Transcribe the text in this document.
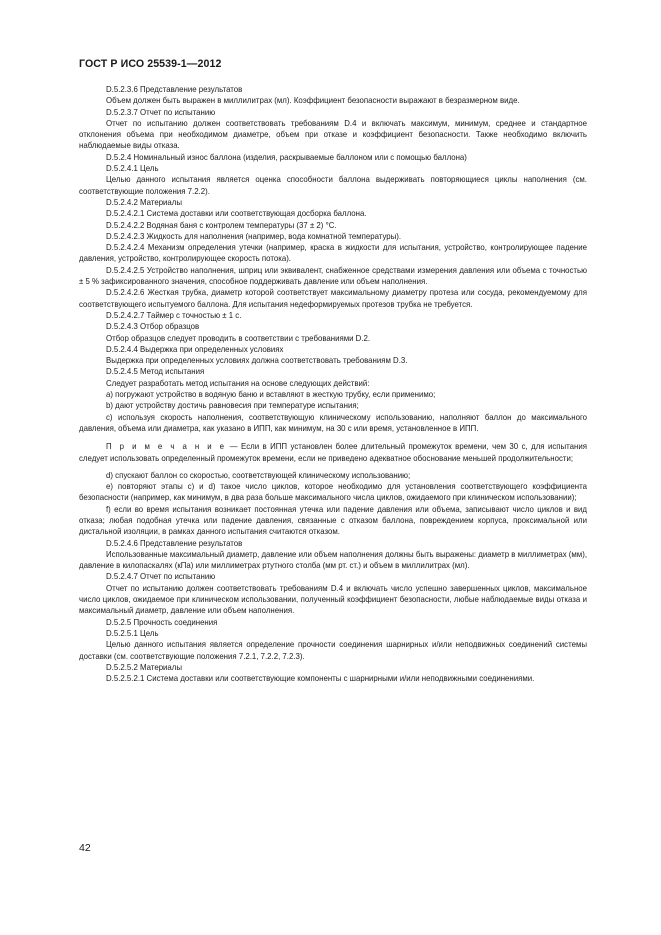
ГОСТ Р ИСО 25539-1—2012

D.5.2.3.6 Представление результатов

Объем должен быть выражен в миллилитрах (мл). Коэффициент безопасности выражают в безразмерном виде.

D.5.2.3.7 Отчет по испытанию

Отчет по испытанию должен соответствовать требованиям D.4 и включать максимум, минимум, среднее и стандартное отклонения объема при необходимом диаметре, объем при отказе и коэффициент безопасности. Также необходимо включить наблюдаемые виды отказа.

D.5.2.4 Номинальный износ баллона (изделия, раскрываемые баллоном или с помощью баллона)

D.5.2.4.1 Цель

Целью данного испытания является оценка способности баллона выдерживать повторяющиеся циклы наполнения (см. соответствующие положения 7.2.2).

D.5.2.4.2 Материалы

D.5.2.4.2.1 Система доставки или соответствующая досборка баллона.

D.5.2.4.2.2 Водяная баня с контролем температуры (37 ± 2) °С.

D.5.2.4.2.3 Жидкость для наполнения (например, вода комнатной температуры).

D.5.2.4.2.4 Механизм определения утечки (например, краска в жидкости для испытания, устройство, контролирующее падение давления, устройство, контролирующее скорость потока).

D.5.2.4.2.5 Устройство наполнения, шприц или эквивалент, снабженное средствами измерения давления или объема с точностью ± 5 % зафиксированного значения, способное поддерживать давление или объем наполнения.

D.5.2.4.2.6 Жесткая трубка, диаметр которой соответствует максимальному диаметру протеза или сосуда, рекомендуемому для соответствующего испытуемого баллона. Для испытания недеформируемых протезов трубка не требуется.

D.5.2.4.2.7 Таймер с точностью ± 1 с.

D.5.2.4.3 Отбор образцов

Отбор образцов следует проводить в соответствии с требованиями D.2.

D.5.2.4.4 Выдержка при определенных условиях

Выдержка при определенных условиях должна соответствовать требованиям D.3.

D.5.2.4.5 Метод испытания

Следует разработать метод испытания на основе следующих действий:

a) погружают устройство в водяную баню и вставляют в жесткую трубку, если применимо;

b) дают устройству достичь равновесия при температуре испытания;

c) используя скорость наполнения, соответствующую клиническому использованию, наполняют баллон до максимального давления, объема или диаметра, как указано в ИПП, как минимум, на 30 с или время, установленное в ИПП.

П р и м е ч а н и е — Если в ИПП установлен более длительный промежуток времени, чем 30 с, для испытания следует использовать определенный промежуток времени, если не приведено адекватное обоснование меньшей продолжительности;

d) спускают баллон со скоростью, соответствующей клиническому использованию;

e) повторяют этапы с) и d) такое число циклов, которое необходимо для установления соответствующего коэффициента безопасности (например, как минимум, в два раза больше максимального числа циклов, ожидаемого при клиническом использовании);

f) если во время испытания возникает постоянная утечка или падение давления или объема, записывают число циклов и вид отказа; любая подобная утечка или падение давления, связанные с отказом баллона, повреждением корпуса, проксимальной или дистальной изоляции, в рамках данного испытания считаются отказом.

D.5.2.4.6 Представление результатов

Использованные максимальный диаметр, давление или объем наполнения должны быть выражены: диаметр в миллиметрах (мм), давление в килопаскалях (кПа) или миллиметрах ртутного столба (мм рт. ст.) и объем в миллилитрах (мл).

D.5.2.4.7 Отчет по испытанию

Отчет по испытанию должен соответствовать требованиям D.4 и включать число успешно завершенных циклов, максимальное число циклов, ожидаемое при клиническом использовании, полученный коэффициент безопасности, любые наблюдаемые виды отказа и максимальный диаметр, давление или объем наполнения.

D.5.2.5 Прочность соединения

D.5.2.5.1 Цель

Целью данного испытания является определение прочности соединения шарнирных и/или неподвижных соединений системы доставки (см. соответствующие положения 7.2.1, 7.2.2, 7.2.3).

D.5.2.5.2 Материалы

D.5.2.5.2.1 Система доставки или соответствующие компоненты с шарнирными и/или неподвижными соединениями.

42
